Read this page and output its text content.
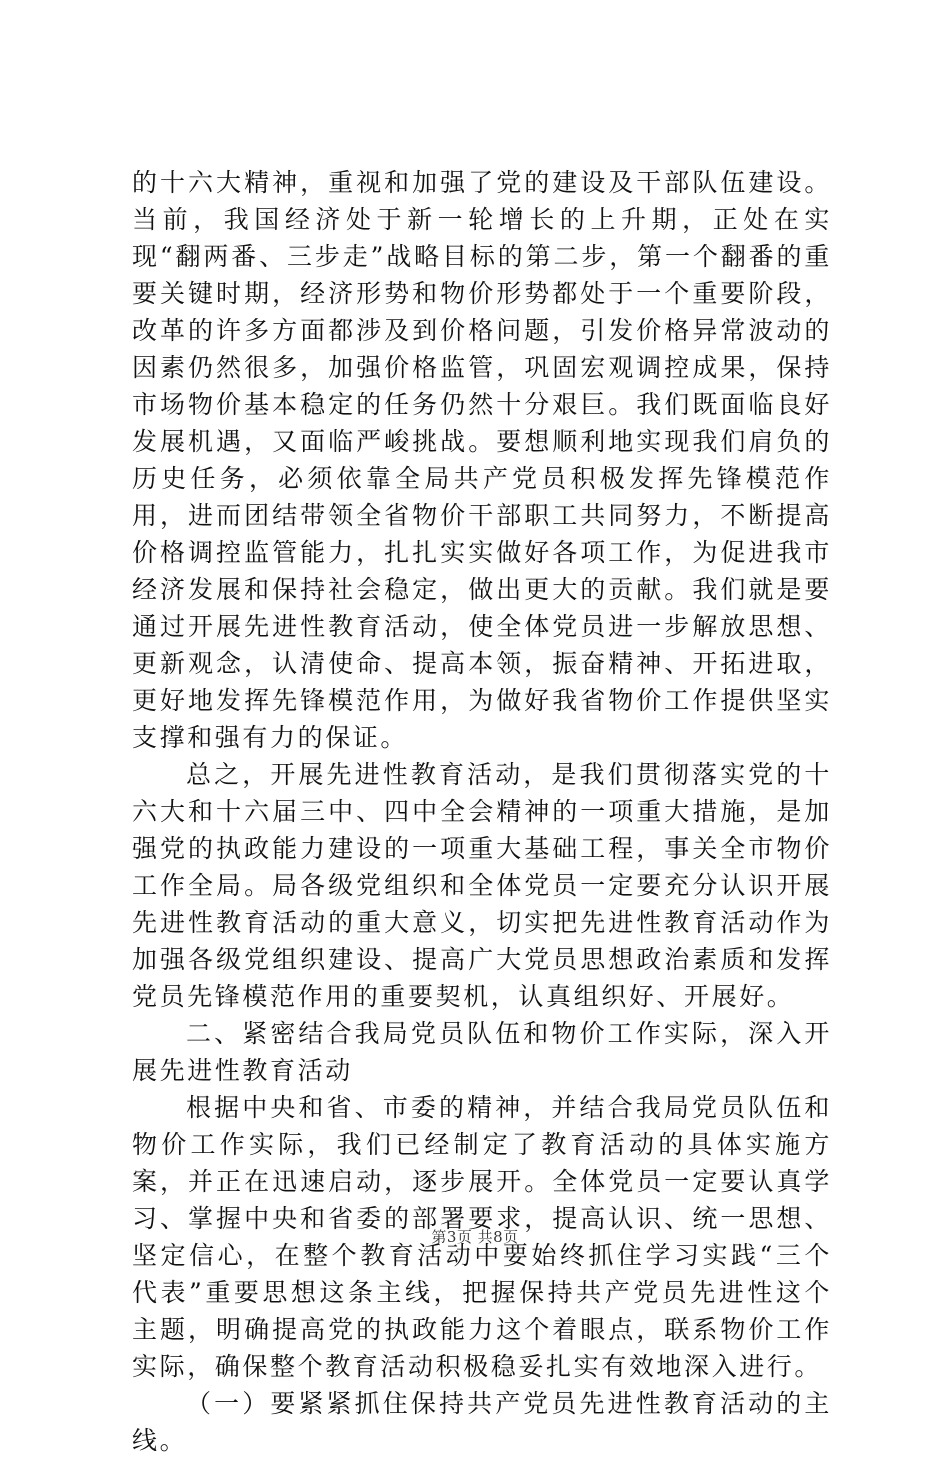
的十六大精神，重视和加强了党的建设及干部队伍建设。当前，我国经济处于新一轮增长的上升期，正处在实现“翻两番、三步走”战略目标的第二步，第一个翻番的重要关键时期，经济形势和物价形势都处于一个重要阶段，改革的许多方面都涉及到价格问题，引发价格异常波动的因素仍然很多，加强价格监管，巩固宏观调控成果，保持市场物价基本稳定的任务仍然十分艰巨。我们既面临良好发展机遇，又面临严峻挑战。要想顺利地实现我们肩负的历史任务，必须依靠全局共产党员积极发挥先锋模范作用，进而团结带领全省物价干部职工共同努力，不断提高价格调控监管能力，扎扎实实做好各项工作，为促进我市经济发展和保持社会稳定，做出更大的贡献。我们就是要通过开展先进性教育活动，使全体党员进一步解放思想、更新观念，认清使命、提高本领，振奋精神、开拓进取，更好地发挥先锋模范作用，为做好我省物价工作提供坚实支撑和强有力的保证。

总之，开展先进性教育活动，是我们贯彻落实党的十六大和十六届三中、四中全会精神的一项重大措施，是加强党的执政能力建设的一项重大基础工程，事关全市物价工作全局。局各级党组织和全体党员一定要充分认识开展先进性教育活动的重大意义，切实把先进性教育活动作为加强各级党组织建设、提高广大党员思想政治素质和发挥党员先锋模范作用的重要契机，认真组织好、开展好。

二、紧密结合我局党员队伍和物价工作实际，深入开展先进性教育活动

根据中央和省、市委的精神，并结合我局党员队伍和物价工作实际，我们已经制定了教育活动的具体实施方案，并正在迅速启动，逐步展开。全体党员一定要认真学习、掌握中央和省委的部署要求，提高认识、统一思想、坚定信心，在整个教育活动中要始终抓住学习实践“三个代表”重要思想这条主线，把握保持共产党员先进性这个主题，明确提高党的执政能力这个着眼点，联系物价工作实际，确保整个教育活动积极稳妥扎实有效地深入进行。

（一）要紧紧抓住保持共产党员先进性教育活动的主线。

第3页 共8页
